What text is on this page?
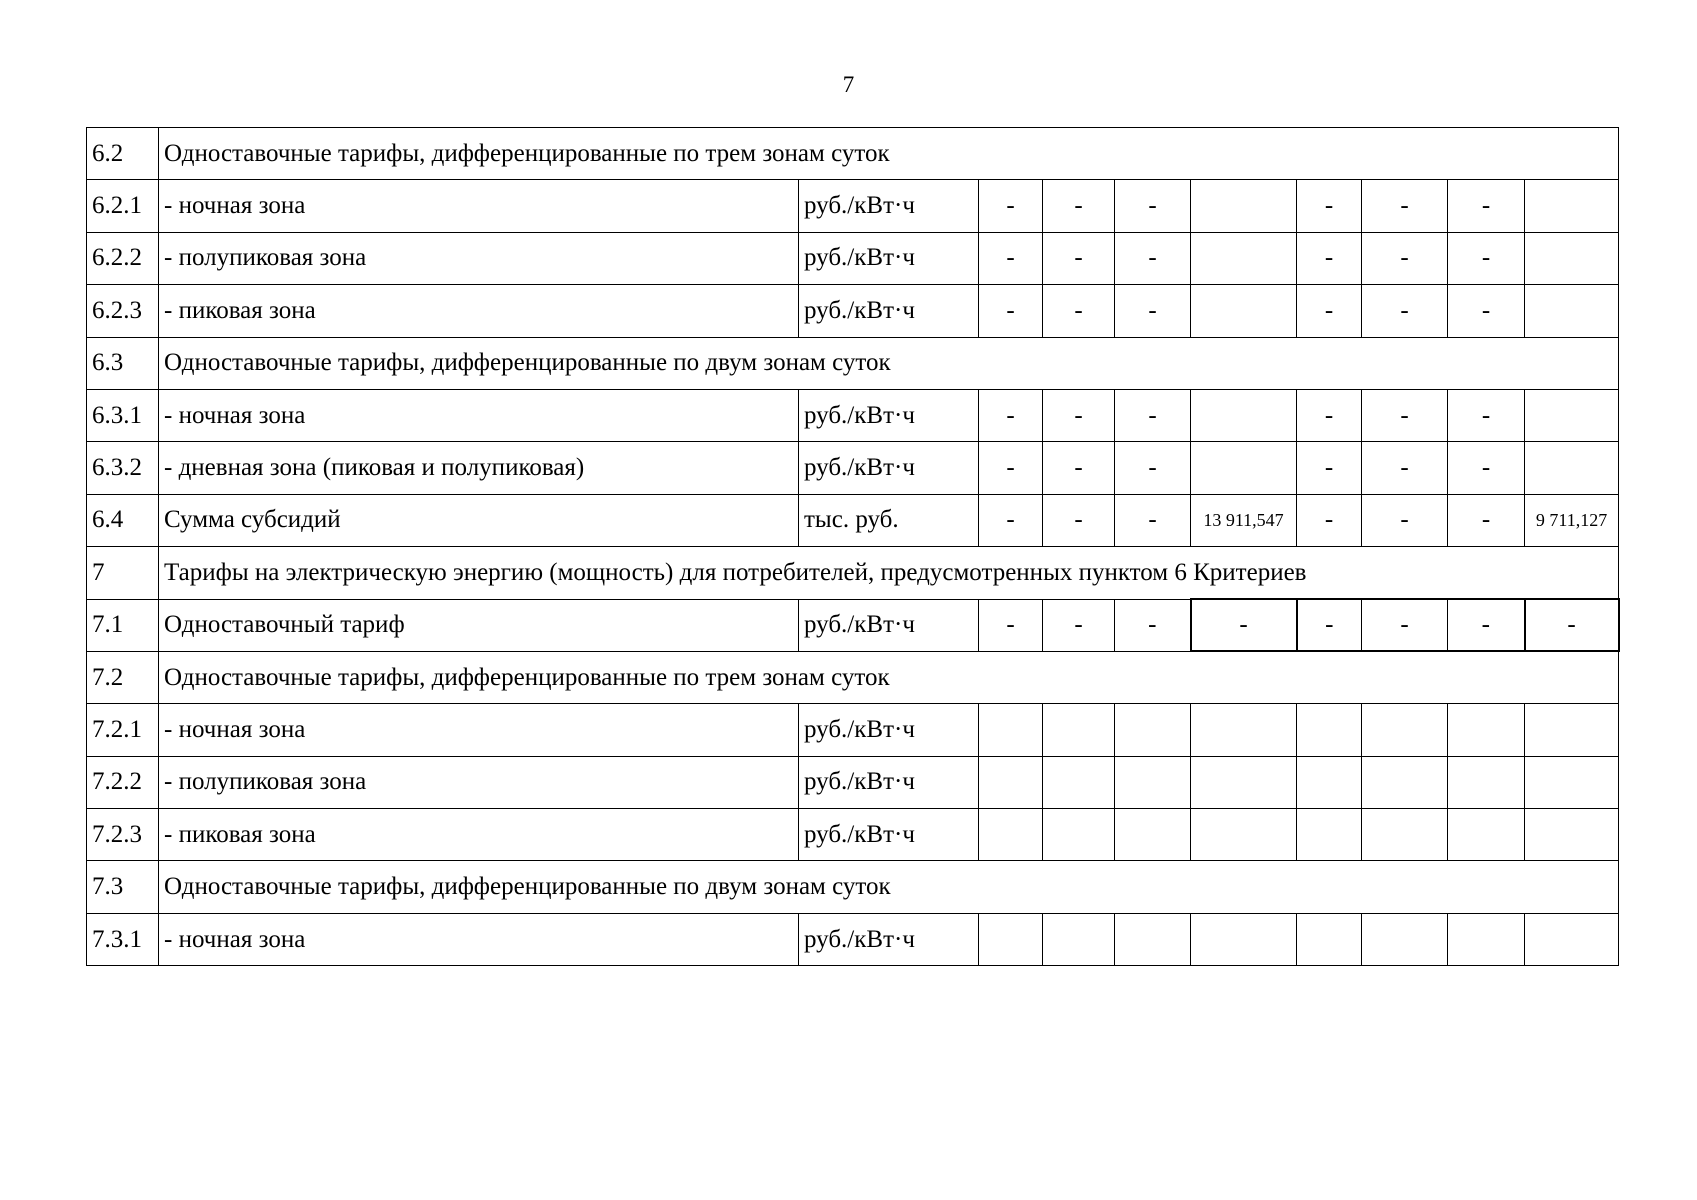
7
6.2	Одноставочные тарифы, дифференцированные по трем зонам суток									
6.2.1	- ночная зона	руб./кВт·ч	-	-	-		-	-	-	
6.2.2	- полупиковая зона	руб./кВт·ч	-	-	-		-	-	-	
6.2.3	- пиковая зона	руб./кВт·ч	-	-	-		-	-	-	
6.3	Одноставочные тарифы, дифференцированные по двум зонам суток									
6.3.1	- ночная зона	руб./кВт·ч	-	-	-		-	-	-	
6.3.2	- дневная зона (пиковая и полупиковая)	руб./кВт·ч	-	-	-		-	-	-	
6.4	Сумма субсидий	тыс. руб.	-	-	-	13 911,547	-	-	-	9 711,127
7	Тарифы на электрическую энергию (мощность) для потребителей, предусмотренных пунктом 6 Критериев									
7.1	Одноставочный тариф	руб./кВт·ч	-	-	-	-	-	-	-	-
7.2	Одноставочные тарифы, дифференцированные по трем зонам суток									
7.2.1	- ночная зона	руб./кВт·ч								
7.2.2	- полупиковая зона	руб./кВт·ч								
7.2.3	- пиковая зона	руб./кВт·ч								
7.3	Одноставочные тарифы, дифференцированные по двум зонам суток									
7.3.1	- ночная зона	руб./кВт·ч								
